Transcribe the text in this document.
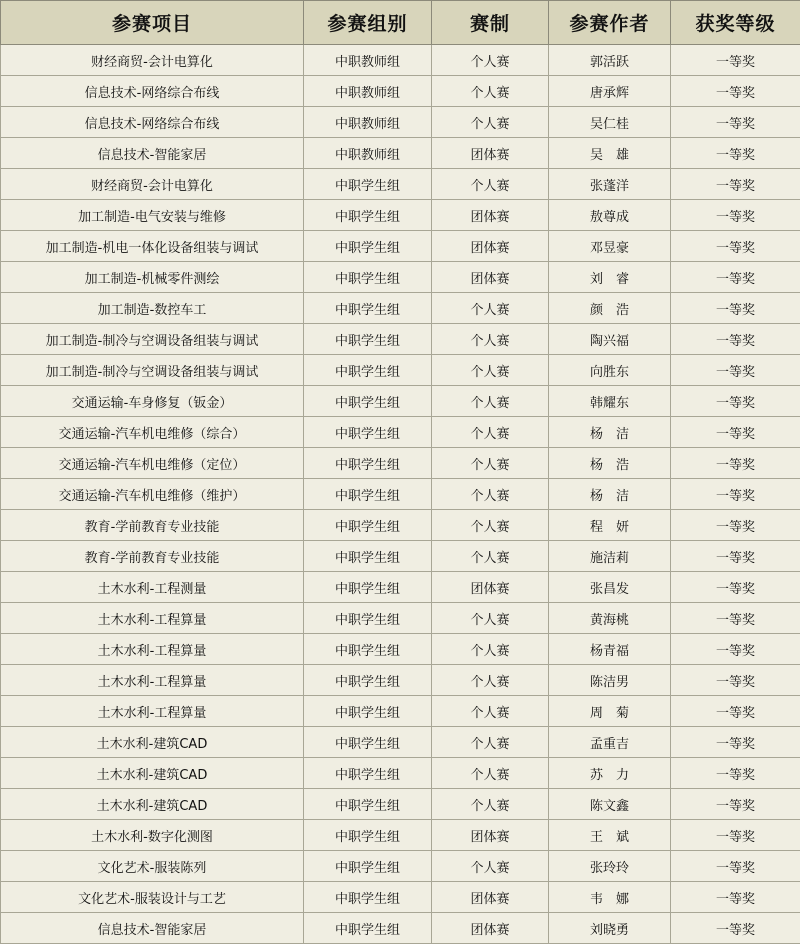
参赛项目	参赛组别	赛制	参赛作者	获奖等级
财经商贸-会计电算化	中职教师组	个人赛	郭活跃	一等奖
信息技术-网络综合布线	中职教师组	个人赛	唐承辉	一等奖
信息技术-网络综合布线	中职教师组	个人赛	吴仁桂	一等奖
信息技术-智能家居	中职教师组	团体赛	吴　雄	一等奖
财经商贸-会计电算化	中职学生组	个人赛	张蓬洋	一等奖
加工制造-电气安装与维修	中职学生组	团体赛	敖尊成	一等奖
加工制造-机电一体化设备组装与调试	中职学生组	团体赛	邓昱豪	一等奖
加工制造-机械零件测绘	中职学生组	团体赛	刘　睿	一等奖
加工制造-数控车工	中职学生组	个人赛	颜　浩	一等奖
加工制造-制冷与空调设备组装与调试	中职学生组	个人赛	陶兴福	一等奖
加工制造-制冷与空调设备组装与调试	中职学生组	个人赛	向胜东	一等奖
交通运输-车身修复（钣金）	中职学生组	个人赛	韩耀东	一等奖
交通运输-汽车机电维修（综合）	中职学生组	个人赛	杨　洁	一等奖
交通运输-汽车机电维修（定位）	中职学生组	个人赛	杨　浩	一等奖
交通运输-汽车机电维修（维护）	中职学生组	个人赛	杨　洁	一等奖
教育-学前教育专业技能	中职学生组	个人赛	程　妍	一等奖
教育-学前教育专业技能	中职学生组	个人赛	施洁莉	一等奖
土木水利-工程测量	中职学生组	团体赛	张昌发	一等奖
土木水利-工程算量	中职学生组	个人赛	黄海桃	一等奖
土木水利-工程算量	中职学生组	个人赛	杨青福	一等奖
土木水利-工程算量	中职学生组	个人赛	陈洁男	一等奖
土木水利-工程算量	中职学生组	个人赛	周　菊	一等奖
土木水利-建筑CAD	中职学生组	个人赛	孟重吉	一等奖
土木水利-建筑CAD	中职学生组	个人赛	苏　力	一等奖
土木水利-建筑CAD	中职学生组	个人赛	陈文鑫	一等奖
土木水利-数字化测图	中职学生组	团体赛	王　斌	一等奖
文化艺术-服装陈列	中职学生组	个人赛	张玲玲	一等奖
文化艺术-服装设计与工艺	中职学生组	团体赛	韦　娜	一等奖
信息技术-智能家居	中职学生组	团体赛	刘晓勇	一等奖
